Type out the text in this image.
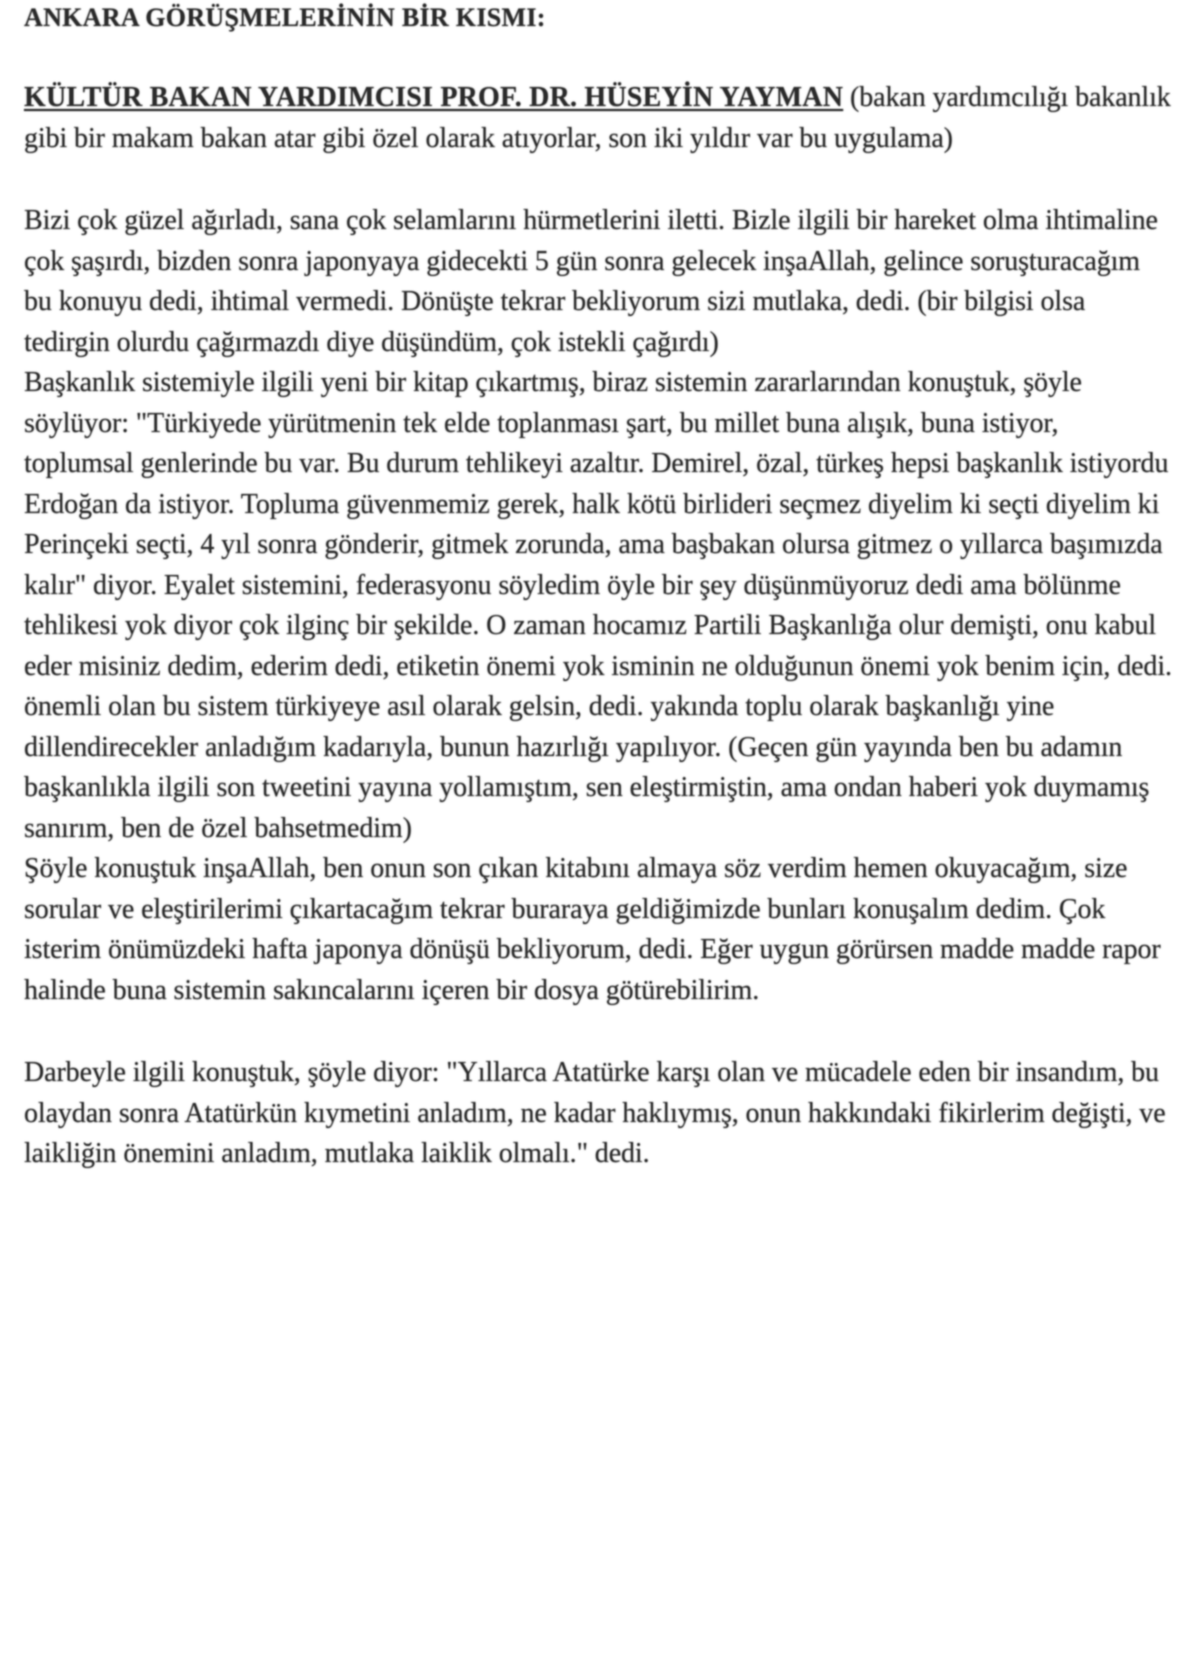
ANKARA GÖRÜŞMELERİNİN BİR KISMI:

KÜLTÜR BAKAN YARDIMCISI PROF. DR. HÜSEYİN YAYMAN (bakan yardımcılığı bakanlık gibi bir makam bakan atar gibi özel olarak atıyorlar, son iki yıldır var bu uygulama)

Bizi çok güzel ağırladı, sana çok selamlarını hürmetlerini iletti. Bizle ilgili bir hareket olma ihtimaline çok şaşırdı, bizden sonra japonyaya gidecekti 5 gün sonra gelecek inşaAllah, gelince soruşturacağım bu konuyu dedi, ihtimal vermedi. Dönüşte tekrar bekliyorum sizi mutlaka, dedi. (bir bilgisi olsa tedirgin olurdu çağırmazdı diye düşündüm, çok istekli çağırdı)

Başkanlık sistemiyle ilgili yeni bir kitap çıkartmış, biraz sistemin zararlarından konuştuk, şöyle söylüyor: "Türkiyede yürütmenin tek elde toplanması şart, bu millet buna alışık, buna istiyor, toplumsal genlerinde bu var. Bu durum tehlikeyi azaltır. Demirel, özal, türkeş hepsi başkanlık istiyordu Erdoğan da istiyor. Topluma güvenmemiz gerek, halk kötü birlideri seçmez diyelim ki seçti diyelim ki Perinçeki seçti, 4 yıl sonra gönderir, gitmek zorunda, ama başbakan olursa gitmez o yıllarca başımızda kalır" diyor. Eyalet sistemini, federasyonu söyledim öyle bir şey düşünmüyoruz dedi ama bölünme tehlikesi yok diyor çok ilginç bir şekilde. O zaman hocamız Partili Başkanlığa olur demişti, onu kabul eder misiniz dedim, ederim dedi, etiketin önemi yok isminin ne olduğunun önemi yok benim için, dedi. önemli olan bu sistem türkiyeye asıl olarak gelsin, dedi. yakında toplu olarak başkanlığı yine dillendirecekler anladığım kadarıyla, bunun hazırlığı yapılıyor. (Geçen gün yayında ben bu adamın başkanlıkla ilgili son tweetini yayına yollamıştım, sen eleştirmiştin, ama ondan haberi yok duymamış sanırım, ben de özel bahsetmedim)

Şöyle konuştuk inşaAllah, ben onun son çıkan kitabını almaya söz verdim hemen okuyacağım, size sorular ve eleştirilerimi çıkartacağım tekrar buraraya geldiğimizde bunları konuşalım dedim. Çok isterim önümüzdeki hafta japonya dönüşü bekliyorum, dedi. Eğer uygun görürsen madde madde rapor halinde buna sistemin sakıncalarını içeren bir dosya götürebilirim.

Darbeyle ilgili konuştuk, şöyle diyor: "Yıllarca Atatürke karşı olan ve mücadele eden bir insandım, bu olaydan sonra Atatürkün kıymetini anladım, ne kadar haklıymış, onun hakkındaki fikirlerim değişti, ve laikliğin önemini anladım, mutlaka laiklik olmalı." dedi.
